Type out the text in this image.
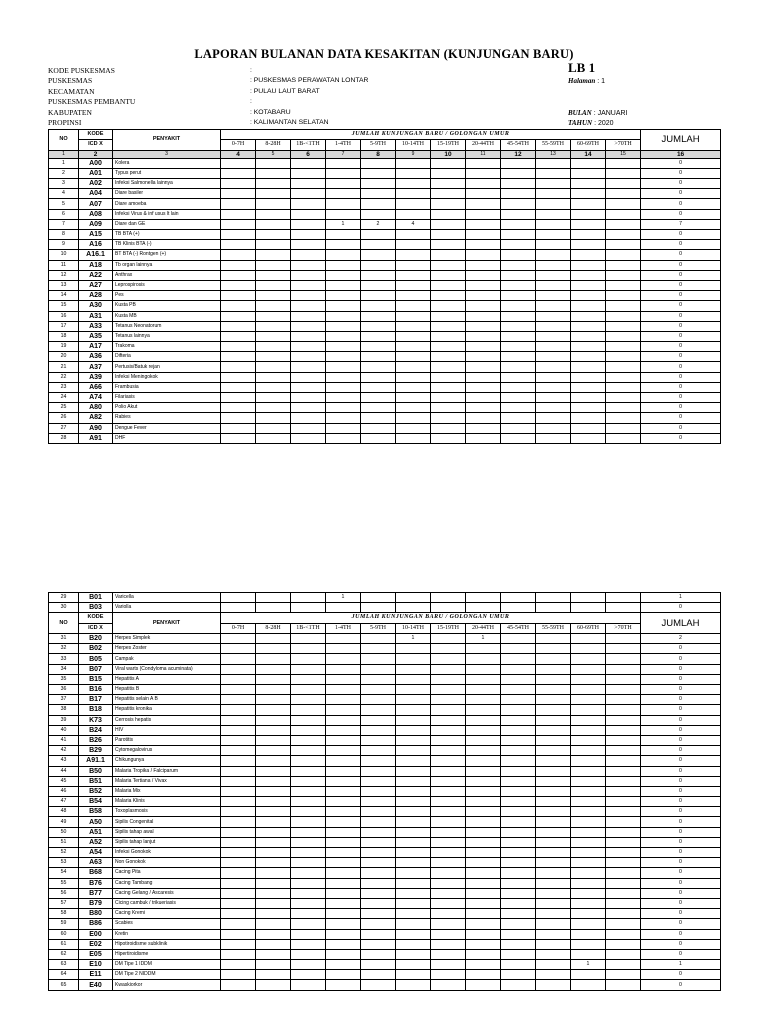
LAPORAN BULANAN DATA KESAKITAN (KUNJUNGAN BARU)
LB 1
KODE PUSKESMAS	:
PUSKESMAS	: PUSKESMAS PERAWATAN LONTAR	Halaman : 1
KECAMATAN	: PULAU LAUT BARAT
PUSKESMAS PEMBANTU	:
KABUPATEN	: KOTABARU	BULAN : JANUARI
PROPINSI	: KALIMANTAN SELATAN	TAHUN : 2020
NO	KODE	PENYAKIT	JUMLAH KUNJUNGAN BARU / GOLONGAN UMUR												JUMLAH
	ICD X		0-7H	8-28H	1B-<1TH	1-4TH	5-9TH	10-14TH	15-19TH	20-44TH	45-54TH	55-59TH	60-69TH	>70TH	
1	2	3	4	5	6	7	8	9	10	11	12	13	14	15	16
1	A00	Kolera													0
2	A01	Typus perut													0
3	A02	Infeksi Salmonella lainnya													0
4	A04	Diare basiler													0
5	A07	Diare amoeba													0
6	A08	Infeksi Virus & inf usus lt lain													0
7	A09	Diare dan GE				1	2	4							7
8	A15	TB BTA (+)													0
9	A16	TB Klinis BTA (-)													0
10	A16.1	BT BTA (-) Rontgen (+)													0
11	A18	Tb organ lainnya													0
12	A22	Anthrax													0
13	A27	Leprospirosis													0
14	A28	Pes													0
15	A30	Kusta PB													0
16	A31	Kusta MB													0
17	A33	Tetanus Neonatorum													0
18	A35	Tetanus lainnya													0
19	A17	Trakoma													0
20	A36	Difteria													0
21	A37	Pertusis/Batuk rejan													0
22	A39	Infeksi Meningokok													0
23	A66	Frambusia													0
24	A74	Filariasis													0
25	A80	Polio Akut													0
26	A82	Rabies													0
27	A90	Dengue Fever													0
28	A91	DHF													0
29	B01	Varicella				1									1
30	B03	Variolla													0
NO	KODE	PENYAKIT	JUMLAH KUNJUNGAN BARU / GOLONGAN UMUR												JUMLAH
	ICD X		0-7H	8-28H	1B-<1TH	1-4TH	5-9TH	10-14TH	15-19TH	20-44TH	45-54TH	55-59TH	60-69TH	>70TH	
31	B20	Herpes Simplek						1		1					2
32	B02	Herpes Zoster													0
33	B05	Campak													0
34	B07	Viral warts (Condyloma acuminata)													0
35	B15	Hepatitis A													0
36	B16	Hepatitis B													0
37	B17	Hepatitis selain A B													0
38	B18	Hepatitis kronika													0
39	K73	Cerrosis hepatis													0
40	B24	HIV													0
41	B26	Parotitis													0
42	B29	Cytomegalovirus													0
43	A91.1	Chikungunya													0
44	B50	Malaria Tropika / Falciparum													0
45	B51	Malaria Tertiana / Vivax													0
46	B52	Malaria Mix													0
47	B54	Malaria Klinis													0
48	B58	Toxoplasmosis													0
49	A50	Sipilis Congenital													0
50	A51	Sipilis tahap awal													0
51	A52	Sipilis tahap lanjut													0
52	A54	Infeksi Gonokok													0
53	A63	Non Gonokok													0
54	B68	Cacing Pita													0
55	B76	Cacing Tambang													0
56	B77	Cacing Gelang / Ascaresis													0
57	B79	Cicing cambuk / trikueriasis													0
58	B80	Cacing Kremi													0
59	B86	Scabies													0
60	E00	Kretin													0
61	E02	Hipotiroidisme subklinik													0
62	E05	Hipertiroidisme													0
63	E10	DM Tipe 1 IDDM											1		1
64	E11	DM Tipe 2 NIDDM													0
65	E40	Kwaskiorkor													0
